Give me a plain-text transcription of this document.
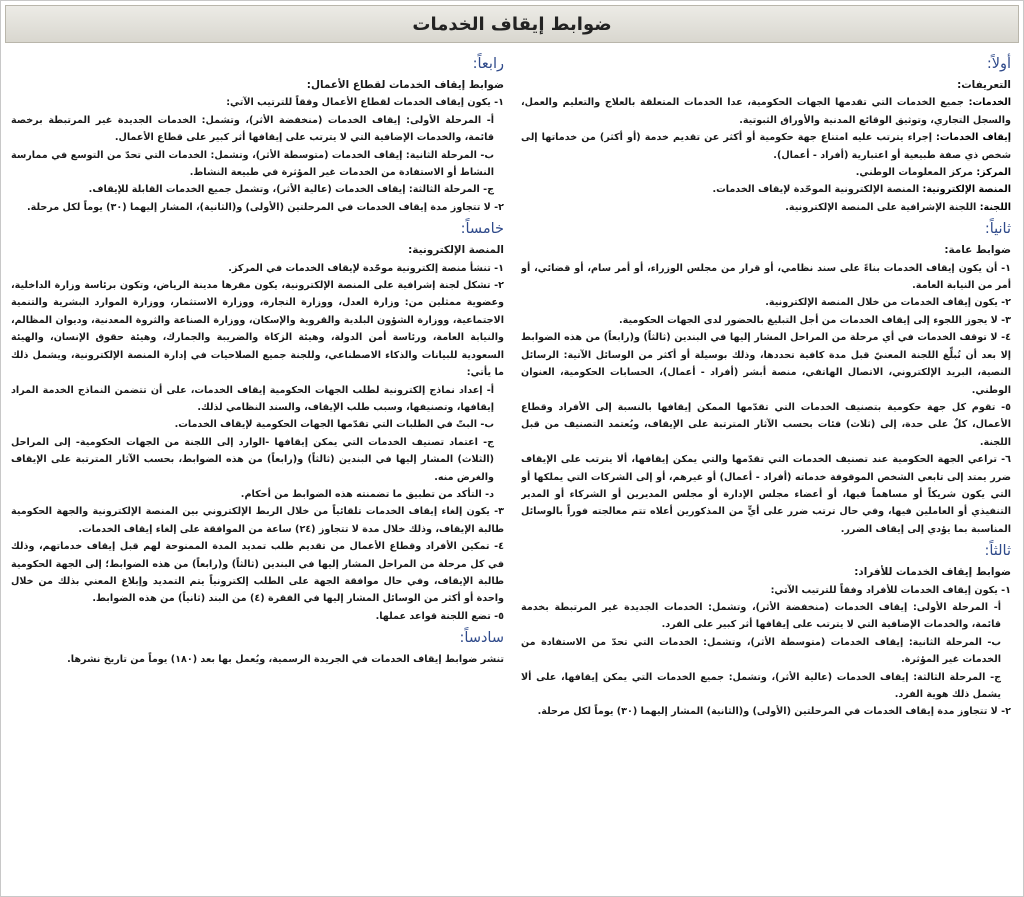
ضوابط إيقاف الخدمات
أولاً:

التعريفات:

الخدمات: جميع الخدمات التي تقدمها الجهات الحكومية، عدا الخدمات المتعلقة بالعلاج والتعليم والعمل، والسجل التجاري، وتوثيق الوقائع المدنية والأوراق الثبوتية.

إيقاف الخدمات: إجراء يترتب عليه امتناع جهة حكومية أو أكثر عن تقديم خدمة (أو أكثر) من خدماتها إلى شخص ذي صفة طبيعية أو اعتبارية (أفراد - أعمال).

المركز: مركز المعلومات الوطني.

المنصة الإلكترونية: المنصة الإلكترونية الموحّدة لإيقاف الخدمات.

اللجنة: اللجنة الإشرافية على المنصة الإلكترونية.

ثانياً:

ضوابط عامة:

١- أن يكون إيقاف الخدمات بناءً على سند نظامي، أو قرار من مجلس الوزراء، أو أمر سام، أو قضائي، أو أمر من النيابة العامة.

٢- يكون إيقاف الخدمات من خلال المنصة الإلكترونية.

٣- لا يجوز اللجوء إلى إيقاف الخدمات من أجل التبليغ بالحضور لدى الجهات الحكومية.

٤- لا توقف الخدمات في أي مرحلة من المراحل المشار إليها في البندين (ثالثاً) و(رابعاً) من هذه الضوابط إلا بعد أن تُبلِّغ اللجنة المعنيّ قبل مدة كافية تحددها، وذلك بوسيلة أو أكثر من الوسائل الآتية: الرسائل النصية، البريد الإلكتروني، الاتصال الهاتفي، منصة أبشر (أفراد - أعمال)، الحسابات الحكومية، العنوان الوطني.

٥- تقوم كل جهة حكومية بتصنيف الخدمات التي تقدّمها الممكن إيقافها بالنسبة إلى الأفراد وقطاع الأعمال، كلٌ على حدة، إلى (ثلاث) فئات بحسب الآثار المترتبة على الإيقاف، ويُعتمد التصنيف من قبل اللجنة.

٦- تراعي الجهة الحكومية عند تصنيف الخدمات التي تقدّمها والتي يمكن إيقافها، ألا يترتب على الإيقاف ضرر يمتد إلى تابعي الشخص الموقوفة خدماته (أفراد - أعمال) أو غيرهم، أو إلى الشركات التي يملكها أو التي يكون شريكاً أو مساهماً فيها، أو أعضاء مجلس الإدارة أو مجلس المديرين أو الشركاء أو المدير التنفيذي أو العاملين فيها، وفي حال ترتب ضرر على أيٍّ من المذكورين أعلاه تتم معالجته فوراً بالوسائل المناسبة بما يؤدي إلى إيقاف الضرر.

ثالثاً:

ضوابط إيقاف الخدمات للأفراد:

١- يكون إيقاف الخدمات للأفراد وفقاً للترتيب الآتي:

أ- المرحلة الأولى: إيقاف الخدمات (منخفضة الأثر)، وتشمل: الخدمات الجديدة غير المرتبطة بخدمة قائمة، والخدمات الإضافية التي لا يترتب على إيقافها أثر كبير على الفرد.

ب- المرحلة الثانية: إيقاف الخدمات (متوسطة الأثر)، وتشمل: الخدمات التي تحدّ من الاستفادة من الخدمات غير المؤثرة.

ج- المرحلة الثالثة: إيقاف الخدمات (عالية الأثر)، وتشمل: جميع الخدمات التي يمكن إيقافها، على ألا يشمل ذلك هوية الفرد.

٢- لا تتجاوز مدة إيقاف الخدمات في المرحلتين (الأولى) و(الثانية) المشار إليهما (٣٠) يوماً لكل مرحلة.

رابعاً:

ضوابط إيقاف الخدمات لقطاع الأعمال:

١- يكون إيقاف الخدمات لقطاع الأعمال وفقاً للترتيب الآتي:

أ- المرحلة الأولى: إيقاف الخدمات (منخفضة الأثر)، وتشمل: الخدمات الجديدة غير المرتبطة برخصة قائمة، والخدمات الإضافية التي لا يترتب على إيقافها أثر كبير على قطاع الأعمال.

ب- المرحلة الثانية: إيقاف الخدمات (متوسطة الأثر)، وتشمل: الخدمات التي تحدّ من التوسع في ممارسة النشاط أو الاستفادة من الخدمات غير المؤثرة في طبيعة النشاط.

ج- المرحلة الثالثة: إيقاف الخدمات (عالية الأثر)، وتشمل جميع الخدمات القابلة للإيقاف.

٢- لا تتجاوز مدة إيقاف الخدمات في المرحلتين (الأولى) و(الثانية)، المشار إليهما (٣٠) يوماً لكل مرحلة.

خامساً:

المنصة الإلكترونية:

١- تنشأ منصة إلكترونية موحّدة لإيقاف الخدمات في المركز.

٢- تشكل لجنة إشرافية على المنصة الإلكترونية، يكون مقرها مدينة الرياض، وتكون برئاسة وزارة الداخلية، وعضوية ممثلين من: وزارة العدل، ووزارة التجارة، ووزارة الاستثمار، ووزارة الموارد البشرية والتنمية الاجتماعية، ووزارة الشؤون البلدية والقروية والإسكان، ووزارة الصناعة والثروة المعدنية، وديوان المظالم، والنيابة العامة، ورئاسة أمن الدولة، وهيئة الزكاة والضريبة والجمارك، وهيئة حقوق الإنسان، والهيئة السعودية للبيانات والذكاء الاصطناعي، وللجنة جميع الصلاحيات في إدارة المنصة الإلكترونية، ويشمل ذلك ما يأتي:

أ- إعداد نماذج إلكترونية لطلب الجهات الحكومية إيقاف الخدمات، على أن تتضمن النماذج الخدمة المراد إيقافها، وتصنيفها، وسبب طلب الإيقاف، والسند النظامي لذلك.

ب- البتّ في الطلبات التي تقدّمها الجهات الحكومية لإيقاف الخدمات.

ج- اعتماد تصنيف الخدمات التي يمكن إيقافها -الوارد إلى اللجنة من الجهات الحكومية- إلى المراحل (الثلاث) المشار إليها في البندين (ثالثاً) و(رابعاً) من هذه الضوابط، بحسب الآثار المترتبة على الإيقاف والغرض منه.

د- التأكد من تطبيق ما تضمنته هذه الضوابط من أحكام.

٣- يكون إلغاء إيقاف الخدمات تلقائياً من خلال الربط الإلكتروني بين المنصة الإلكترونية والجهة الحكومية طالبة الإيقاف، وذلك خلال مدة لا تتجاوز (٢٤) ساعة من الموافقة على إلغاء إيقاف الخدمات.

٤- تمكين الأفراد وقطاع الأعمال من تقديم طلب تمديد المدة الممنوحة لهم قبل إيقاف خدماتهم، وذلك في كل مرحلة من المراحل المشار إليها في البندين (ثالثاً) و(رابعاً) من هذه الضوابط؛ إلى الجهة الحكومية طالبة الإيقاف، وفي حال موافقة الجهة على الطلب إلكترونياً يتم التمديد وإبلاغ المعني بذلك من خلال واحدة أو أكثر من الوسائل المشار إليها في الفقرة (٤) من البند (ثانياً) من هذه الضوابط.

٥- تضع اللجنة قواعد عملها.

سادساً:

تنشر ضوابط إيقاف الخدمات في الجريدة الرسمية، ويُعمل بها بعد (١٨٠) يوماً من تاريخ نشرها.
